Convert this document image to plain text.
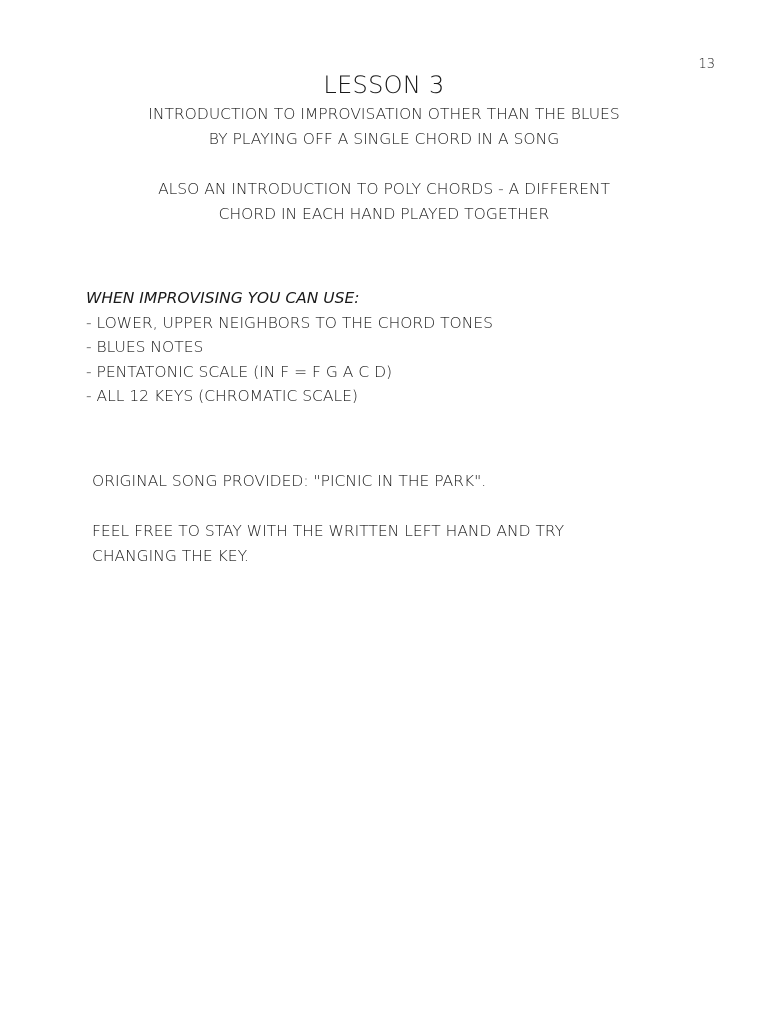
13
LESSON 3

INTRODUCTION TO IMPROVISATION OTHER THAN THE BLUES

BY PLAYING OFF A SINGLE CHORD IN A SONG

ALSO AN INTRODUCTION TO POLY CHORDS - A DIFFERENT

CHORD IN EACH HAND PLAYED TOGETHER

WHEN IMPROVISING YOU CAN USE:

- LOWER, UPPER NEIGHBORS TO THE CHORD TONES
- BLUES NOTES
- PENTATONIC SCALE (IN F = F G A C D)
- ALL 12 KEYS (CHROMATIC SCALE)

ORIGINAL SONG PROVIDED: "PICNIC IN THE PARK".

FEEL FREE TO STAY WITH THE WRITTEN LEFT HAND AND TRY

CHANGING THE KEY.
